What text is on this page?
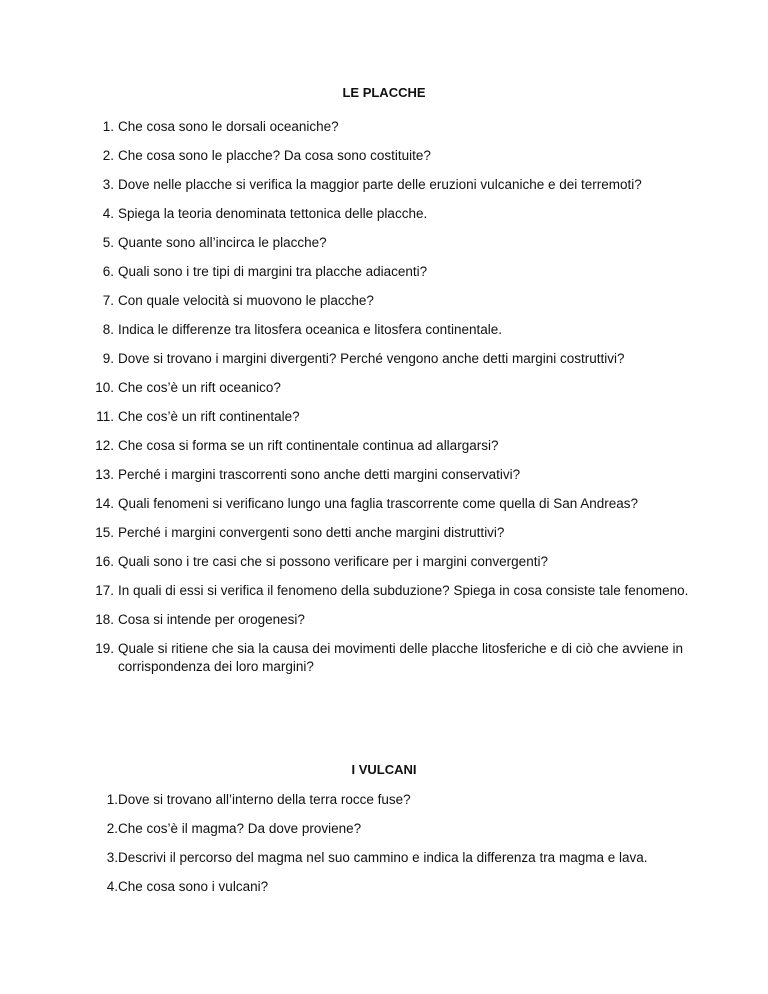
LE PLACCHE
1. Che cosa sono le dorsali oceaniche?
2. Che cosa sono le placche? Da cosa sono costituite?
3. Dove nelle placche si verifica la maggior parte delle eruzioni vulcaniche e dei terremoti?
4. Spiega la teoria denominata tettonica delle placche.
5. Quante sono all’incirca le placche?
6. Quali sono i tre tipi di margini tra placche adiacenti?
7. Con quale velocità si muovono le placche?
8. Indica le differenze tra litosfera oceanica e litosfera continentale.
9. Dove si trovano i margini divergenti? Perché vengono anche detti margini costruttivi?
10. Che cos’è un rift oceanico?
11. Che cos’è un rift continentale?
12. Che cosa si forma se un rift continentale continua ad allargarsi?
13. Perché i margini trascorrenti sono anche detti margini conservativi?
14. Quali fenomeni si verificano lungo una faglia trascorrente come quella di San Andreas?
15. Perché i margini convergenti sono detti anche margini distruttivi?
16. Quali sono i tre casi che si possono verificare per i margini convergenti?
17. In quali di essi si verifica il fenomeno della subduzione? Spiega in cosa consiste tale fenomeno.
18. Cosa si intende per orogenesi?
19. Quale si ritiene che sia la causa dei movimenti delle placche litosferiche e di ciò che avviene in corrispondenza dei loro margini?
I VULCANI
1. Dove si trovano all’interno della terra rocce fuse?
2. Che cos’è il magma? Da dove proviene?
3. Descrivi il percorso del magma nel suo cammino e indica la differenza tra magma e lava.
4. Che cosa sono i vulcani?
